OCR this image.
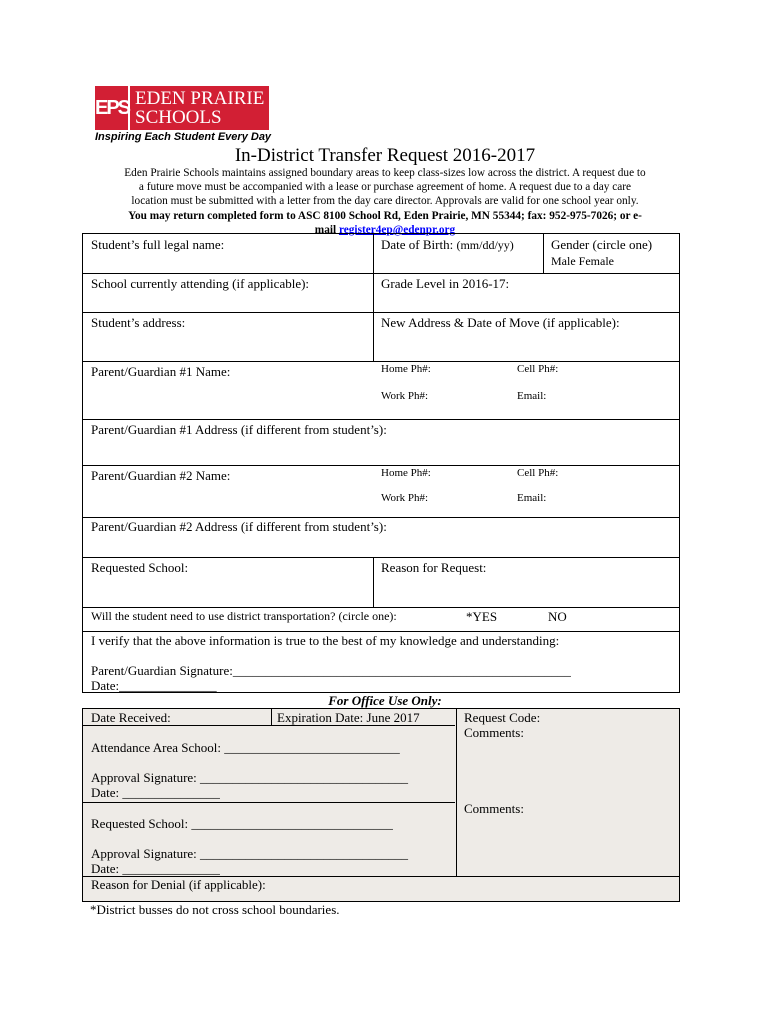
EPS EDEN PRAIRIE
SCHOOLS
Inspiring Each Student Every Day
In-District Transfer Request 2016-2017
Eden Prairie Schools maintains assigned boundary areas to keep class-sizes low across the district. A request due to
a future move must be accompanied with a lease or purchase agreement of home. A request due to a day care
location must be submitted with a letter from the day care director. Approvals are valid for one school year only.
You may return completed form to ASC 8100 School Rd, Eden Prairie, MN 55344; fax: 952-975-7026; or e-
mail register4ep@edenpr.org
Student’s full legal name:	Date of Birth: (mm/dd/yy)	Gender (circle one)
Male Female
School currently attending (if applicable):	Grade Level in 2016-17:
Student’s address:	New Address & Date of Move (if applicable):
Parent/Guardian #1 Name:	Home Ph#:	Cell Ph#:
Work Ph#:	Email:
Parent/Guardian #1 Address (if different from student’s):
Parent/Guardian #2 Name:	Home Ph#:	Cell Ph#:
Work Ph#:	Email:
Parent/Guardian #2 Address (if different from student’s):
Requested School:	Reason for Request:
Will the student need to use district transportation? (circle one):	*YES	NO
I verify that the above information is true to the best of my knowledge and understanding:
Parent/Guardian Signature:____________________________________________________
Date:_______________
For Office Use Only:
Date Received:	Expiration Date: June 2017	Request Code:
Comments:
Attendance Area School: ___________________________
Approval Signature: ________________________________
Date: _______________
Comments:
Requested School: _______________________________
Approval Signature: ________________________________
Date: _______________
Reason for Denial (if applicable):
*District busses do not cross school boundaries.
